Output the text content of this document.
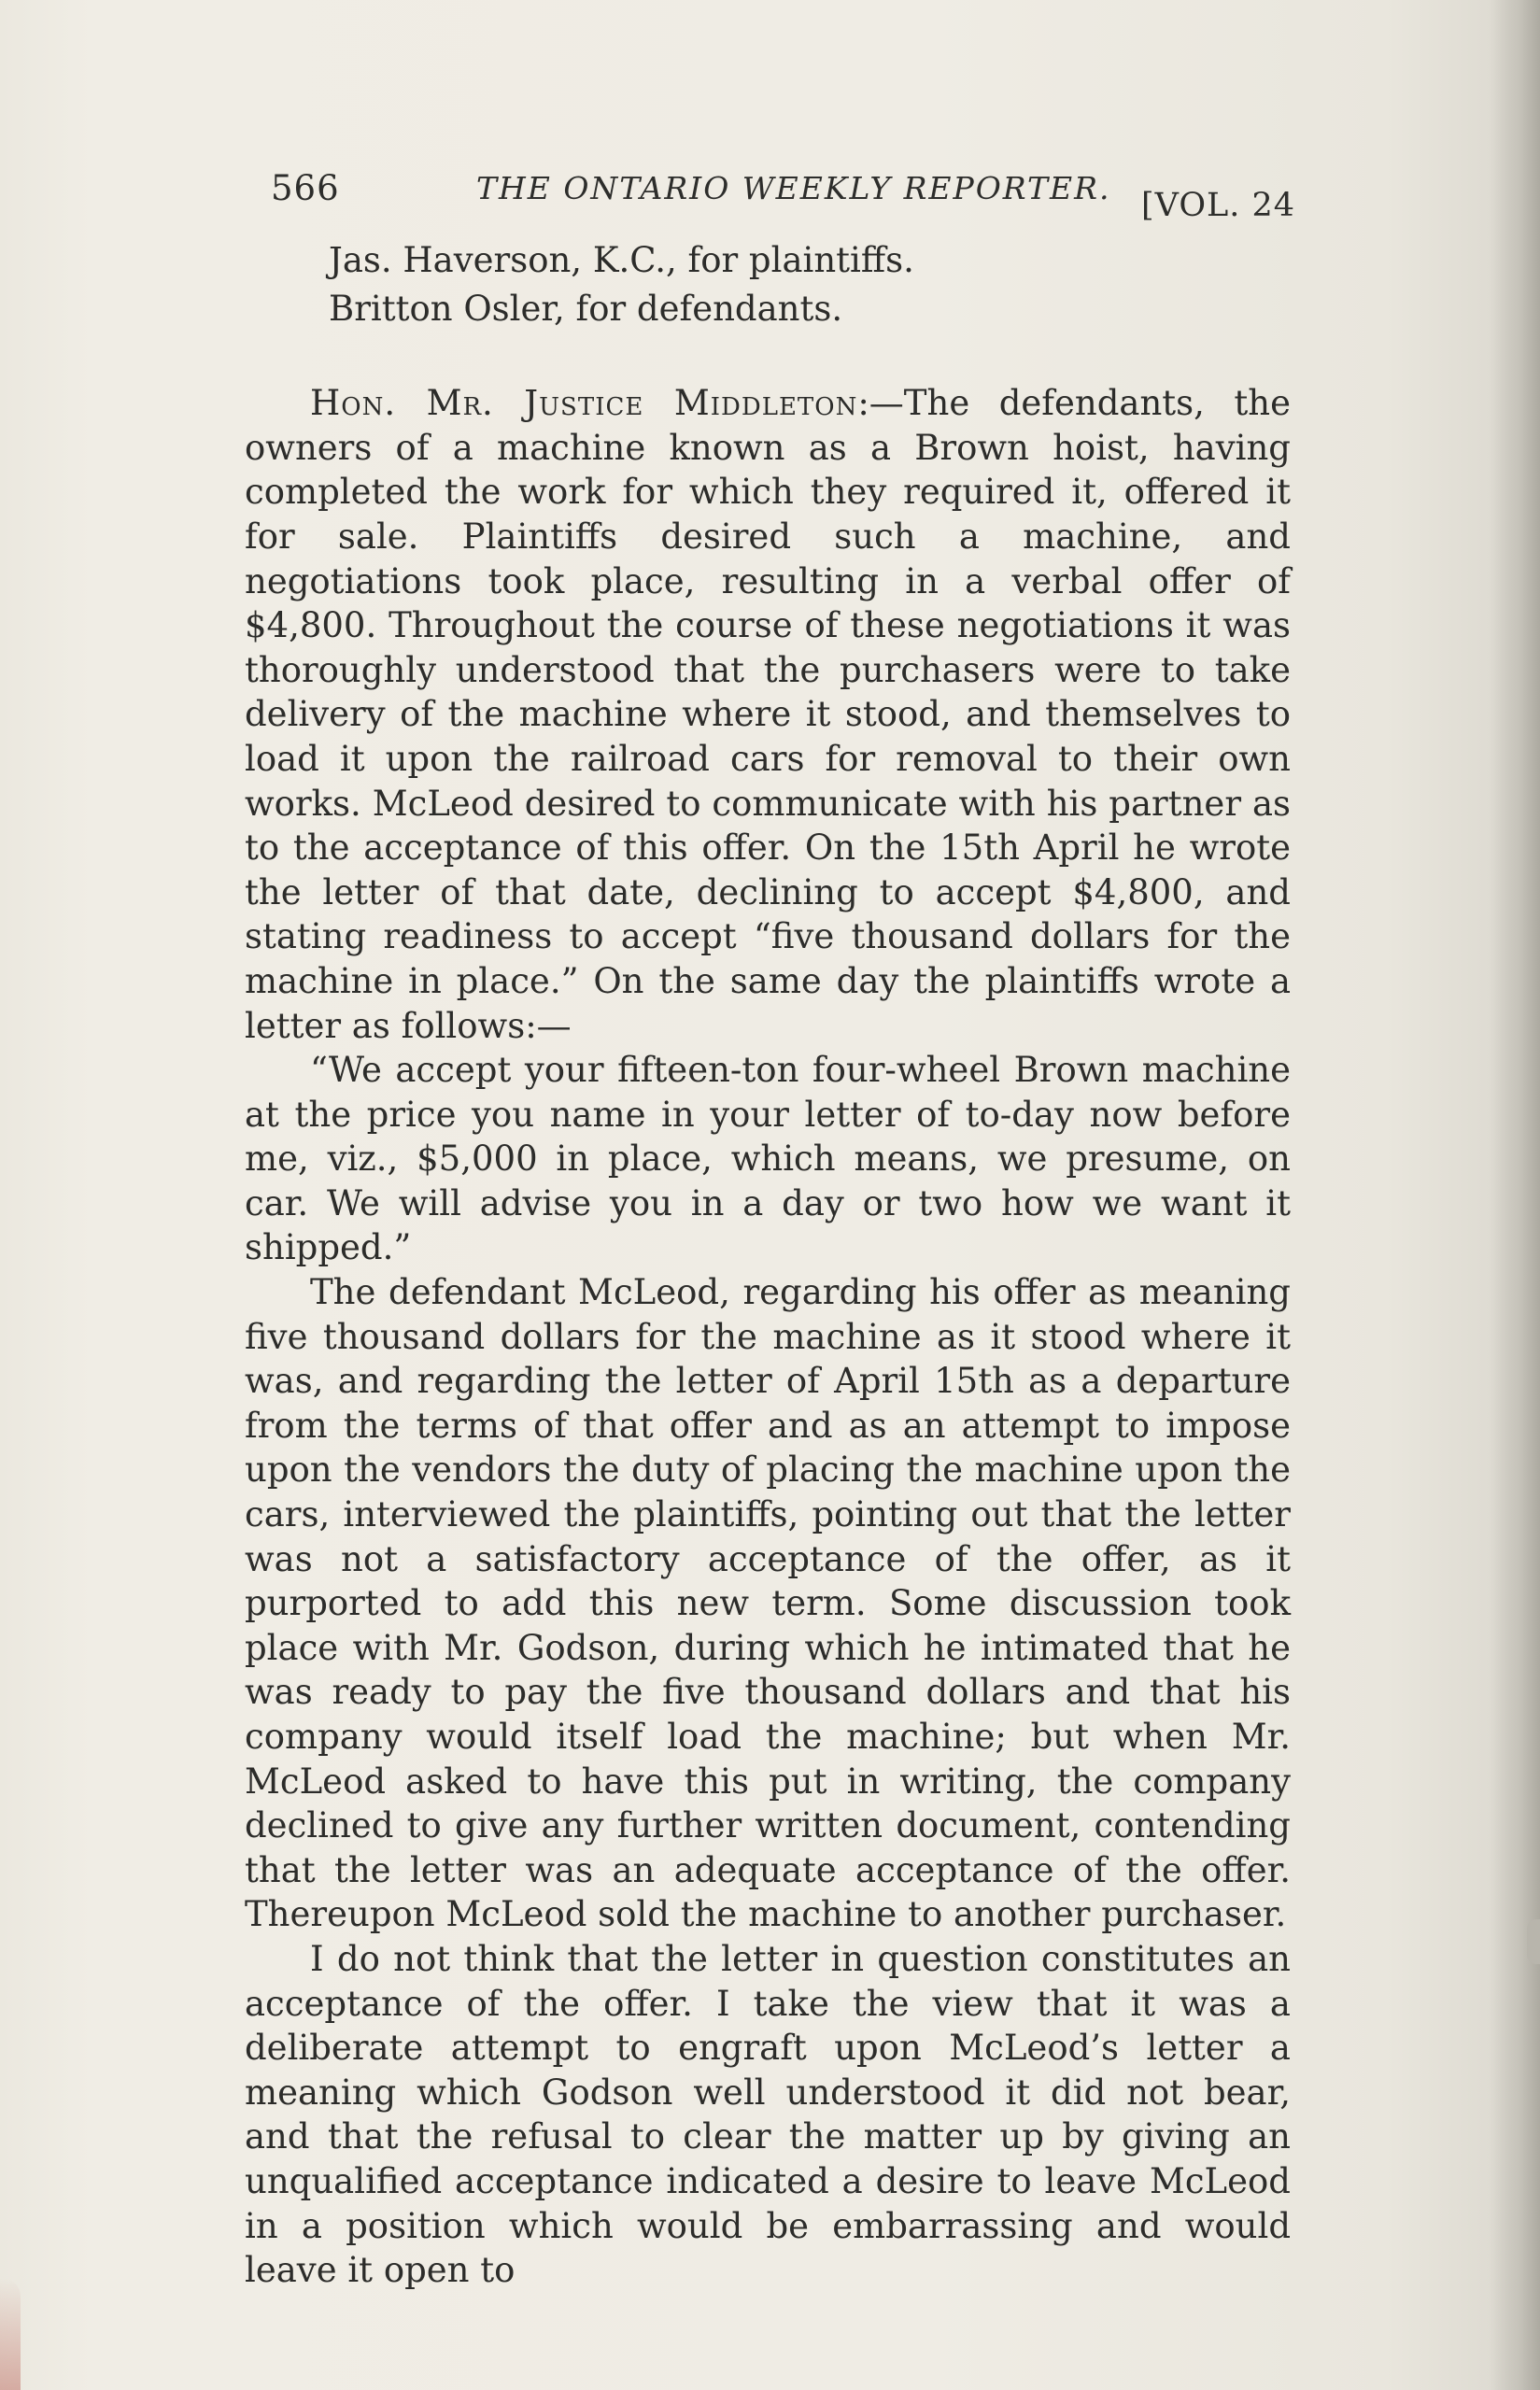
566	THE ONTARIO WEEKLY REPORTER. [VOL. 24

Jas. Haverson, K.C., for plaintiffs.

Britton Osler, for defendants.

Hon. Mr. Justice Middleton:—The defendants, the owners of a machine known as a Brown hoist, having completed the work for which they required it, offered it for sale. Plaintiffs desired such a machine, and negotiations took place, resulting in a verbal offer of $4,800. Throughout the course of these negotiations it was thoroughly understood that the purchasers were to take delivery of the machine where it stood, and themselves to load it upon the railroad cars for removal to their own works. McLeod desired to communicate with his partner as to the acceptance of this offer. On the 15th April he wrote the letter of that date, declining to accept $4,800, and stating readiness to accept “five thousand dollars for the machine in place.” On the same day the plaintiffs wrote a letter as follows:—

“We accept your fifteen-ton four-wheel Brown machine at the price you name in your letter of to-day now before me, viz., $5,000 in place, which means, we presume, on car. We will advise you in a day or two how we want it shipped.”

The defendant McLeod, regarding his offer as meaning five thousand dollars for the machine as it stood where it was, and regarding the letter of April 15th as a departure from the terms of that offer and as an attempt to impose upon the vendors the duty of placing the machine upon the cars, interviewed the plaintiffs, pointing out that the letter was not a satisfactory acceptance of the offer, as it purported to add this new term. Some discussion took place with Mr. Godson, during which he intimated that he was ready to pay the five thousand dollars and that his company would itself load the machine; but when Mr. McLeod asked to have this put in writing, the company declined to give any further written document, contending that the letter was an adequate acceptance of the offer. Thereupon McLeod sold the machine to another purchaser.

I do not think that the letter in question constitutes an acceptance of the offer. I take the view that it was a deliberate attempt to engraft upon McLeod’s letter a meaning which Godson well understood it did not bear, and that the refusal to clear the matter up by giving an unqualified acceptance indicated a desire to leave McLeod in a position which would be embarrassing and would leave it open to
